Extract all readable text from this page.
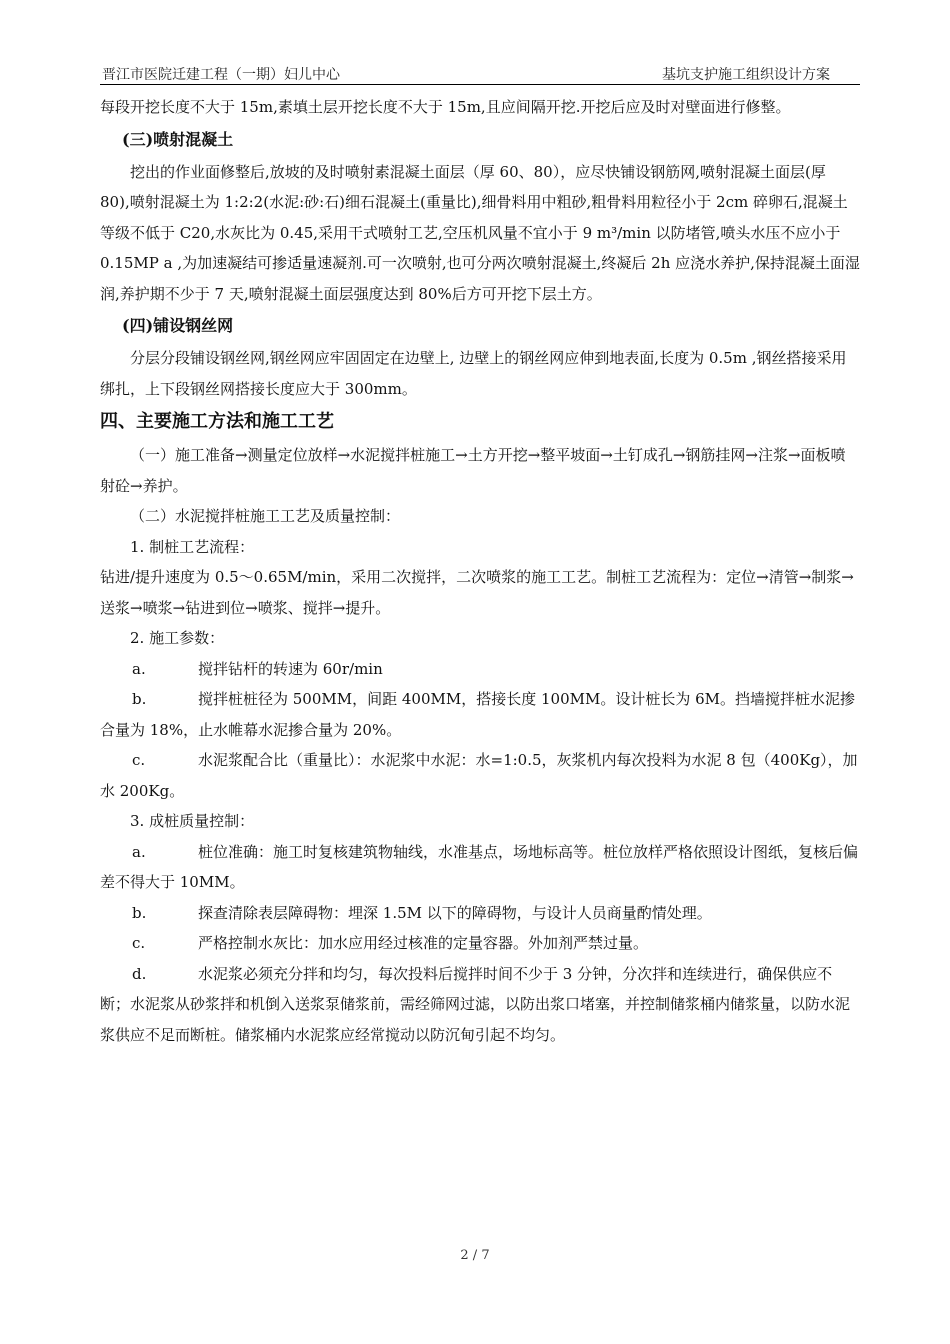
晋江市医院迁建工程（一期）妇儿中心	基坑支护施工组织设计方案

每段开挖长度不大于 15m,素填土层开挖长度不大于 15m,且应间隔开挖.开挖后应及时对壁面进行修整。

(三)喷射混凝土

挖出的作业面修整后,放坡的及时喷射素混凝土面层（厚 60、80），应尽快铺设钢筋网,喷射混凝土面层(厚 80),喷射混凝土为 1:2:2(水泥:砂:石)细石混凝土(重量比),细骨料用中粗砂,粗骨料用粒径小于 2cm 碎卵石,混凝土等级不低于 C20,水灰比为 0.45,采用干式喷射工艺,空压机风量不宜小于 9 m³/min 以防堵管,喷头水压不应小于 0.15MP a ,为加速凝结可掺适量速凝剂.可一次喷射,也可分两次喷射混凝土,终凝后 2h 应浇水养护,保持混凝土面湿润,养护期不少于 7 天,喷射混凝土面层强度达到 80%后方可开挖下层土方。

(四)铺设钢丝网

分层分段铺设钢丝网,钢丝网应牢固固定在边壁上, 边壁上的钢丝网应伸到地表面,长度为 0.5m ,钢丝搭接采用绑扎，上下段钢丝网搭接长度应大于 300mm。

四、主要施工方法和施工工艺

（一）施工准备→测量定位放样→水泥搅拌桩施工→土方开挖→整平坡面→土钉成孔→钢筋挂网→注浆→面板喷射砼→养护。

（二）水泥搅拌桩施工工艺及质量控制：

1. 制桩工艺流程：

钻进/提升速度为 0.5～0.65M/min，采用二次搅拌，二次喷浆的施工工艺。制桩工艺流程为：定位→清管→制浆→送浆→喷浆→钻进到位→喷浆、搅拌→提升。

2. 施工参数：

a.	搅拌钻杆的转速为 60r/min

b.	搅拌桩桩径为 500MM，间距 400MM，搭接长度 100MM。设计桩长为 6M。挡墙搅拌桩水泥掺合量为 18%，止水帷幕水泥掺合量为 20%。

c.	水泥浆配合比（重量比）：水泥浆中水泥：水=1:0.5，灰浆机内每次投料为水泥 8 包（400Kg），加水 200Kg。

3. 成桩质量控制：

a.	桩位准确：施工时复核建筑物轴线，水准基点，场地标高等。桩位放样严格依照设计图纸，复核后偏差不得大于 10MM。

b.	探查清除表层障碍物：埋深 1.5M 以下的障碍物，与设计人员商量酌情处理。

c.	严格控制水灰比：加水应用经过核准的定量容器。外加剂严禁过量。

d.	水泥浆必须充分拌和均匀，每次投料后搅拌时间不少于 3 分钟，分次拌和连续进行，确保供应不断；水泥浆从砂浆拌和机倒入送浆泵储浆前，需经筛网过滤，以防出浆口堵塞，并控制储浆桶内储浆量，以防水泥浆供应不足而断桩。储浆桶内水泥浆应经常搅动以防沉甸引起不均匀。

2 / 7
